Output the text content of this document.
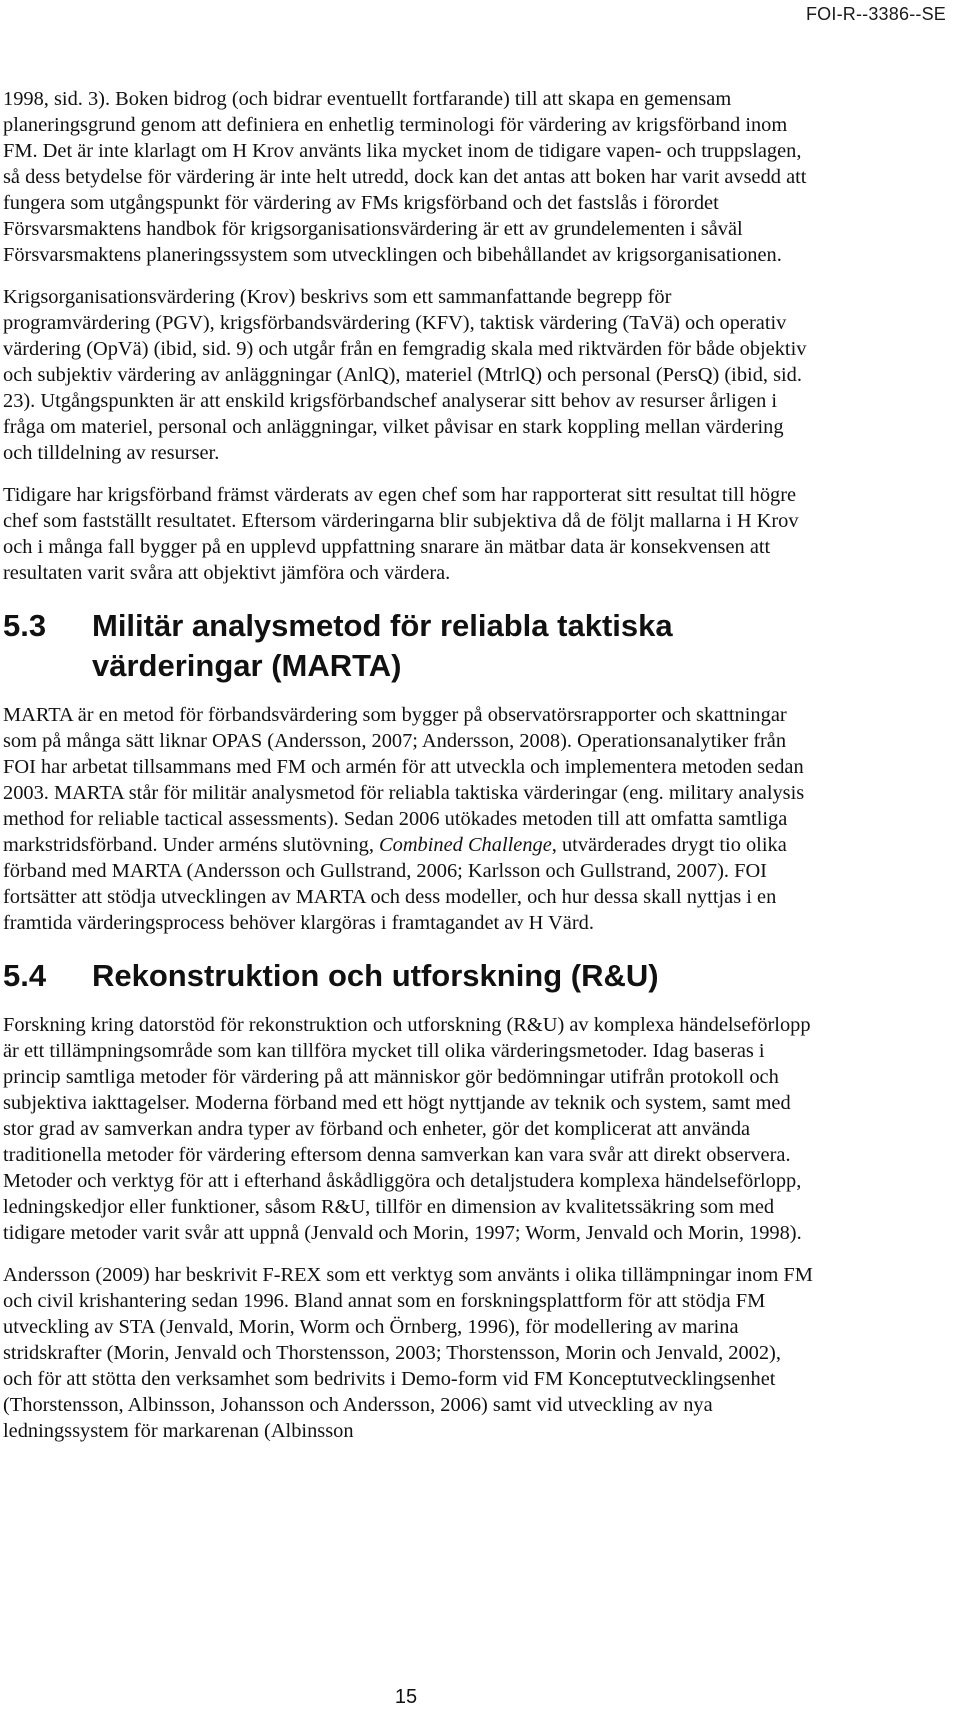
FOI-R--3386--SE

1998, sid. 3). Boken bidrog (och bidrar eventuellt fortfarande) till att skapa en gemensam planeringsgrund genom att definiera en enhetlig terminologi för värdering av krigsförband inom FM. Det är inte klarlagt om H Krov använts lika mycket inom de tidigare vapen- och truppslagen, så dess betydelse för värdering är inte helt utredd, dock kan det antas att boken har varit avsedd att fungera som utgångspunkt för värdering av FMs krigsförband och det fastslås i förordet Försvarsmaktens handbok för krigsorganisationsvärdering är ett av grundelementen i såväl Försvarsmaktens planeringssystem som utvecklingen och bibehållandet av krigsorganisationen.

Krigsorganisationsvärdering (Krov) beskrivs som ett sammanfattande begrepp för programvärdering (PGV), krigsförbandsvärdering (KFV), taktisk värdering (TaVä) och operativ värdering (OpVä) (ibid, sid. 9) och utgår från en femgradig skala med riktvärden för både objektiv och subjektiv värdering av anläggningar (AnlQ), materiel (MtrlQ) och personal (PersQ) (ibid, sid. 23). Utgångspunkten är att enskild krigsförbandschef analyserar sitt behov av resurser årligen i fråga om materiel, personal och anläggningar, vilket påvisar en stark koppling mellan värdering och tilldelning av resurser.

Tidigare har krigsförband främst värderats av egen chef som har rapporterat sitt resultat till högre chef som fastställt resultatet. Eftersom värderingarna blir subjektiva då de följt mallarna i H Krov och i många fall bygger på en upplevd uppfattning snarare än mätbar data är konsekvensen att resultaten varit svåra att objektivt jämföra och värdera.

5.3	Militär analysmetod för reliabla taktiska värderingar (MARTA)

MARTA är en metod för förbandsvärdering som bygger på observatörsrapporter och skattningar som på många sätt liknar OPAS (Andersson, 2007; Andersson, 2008). Operationsanalytiker från FOI har arbetat tillsammans med FM och armén för att utveckla och implementera metoden sedan 2003. MARTA står för militär analysmetod för reliabla taktiska värderingar (eng. military analysis method for reliable tactical assessments). Sedan 2006 utökades metoden till att omfatta samtliga markstridsförband. Under arméns slutövning, Combined Challenge, utvärderades drygt tio olika förband med MARTA (Andersson och Gullstrand, 2006; Karlsson och Gullstrand, 2007). FOI fortsätter att stödja utvecklingen av MARTA och dess modeller, och hur dessa skall nyttjas i en framtida värderingsprocess behöver klargöras i framtagandet av H Värd.

5.4	Rekonstruktion och utforskning (R&U)

Forskning kring datorstöd för rekonstruktion och utforskning (R&U) av komplexa händelseförlopp är ett tillämpningsområde som kan tillföra mycket till olika värderingsmetoder. Idag baseras i princip samtliga metoder för värdering på att människor gör bedömningar utifrån protokoll och subjektiva iakttagelser. Moderna förband med ett högt nyttjande av teknik och system, samt med stor grad av samverkan andra typer av förband och enheter, gör det komplicerat att använda traditionella metoder för värdering eftersom denna samverkan kan vara svår att direkt observera. Metoder och verktyg för att i efterhand åskådliggöra och detaljstudera komplexa händelseförlopp, ledningskedjor eller funktioner, såsom R&U, tillför en dimension av kvalitetssäkring som med tidigare metoder varit svår att uppnå (Jenvald och Morin, 1997; Worm, Jenvald och Morin, 1998).

Andersson (2009) har beskrivit F-REX som ett verktyg som använts i olika tillämpningar inom FM och civil krishantering sedan 1996. Bland annat som en forskningsplattform för att stödja FM utveckling av STA (Jenvald, Morin, Worm och Örnberg, 1996), för modellering av marina stridskrafter (Morin, Jenvald och Thorstensson, 2003; Thorstensson, Morin och Jenvald, 2002), och för att stötta den verksamhet som bedrivits i Demo-form vid FM Konceptutvecklingsenhet (Thorstensson, Albinsson, Johansson och Andersson, 2006) samt vid utveckling av nya ledningssystem för markarenan (Albinsson

15
